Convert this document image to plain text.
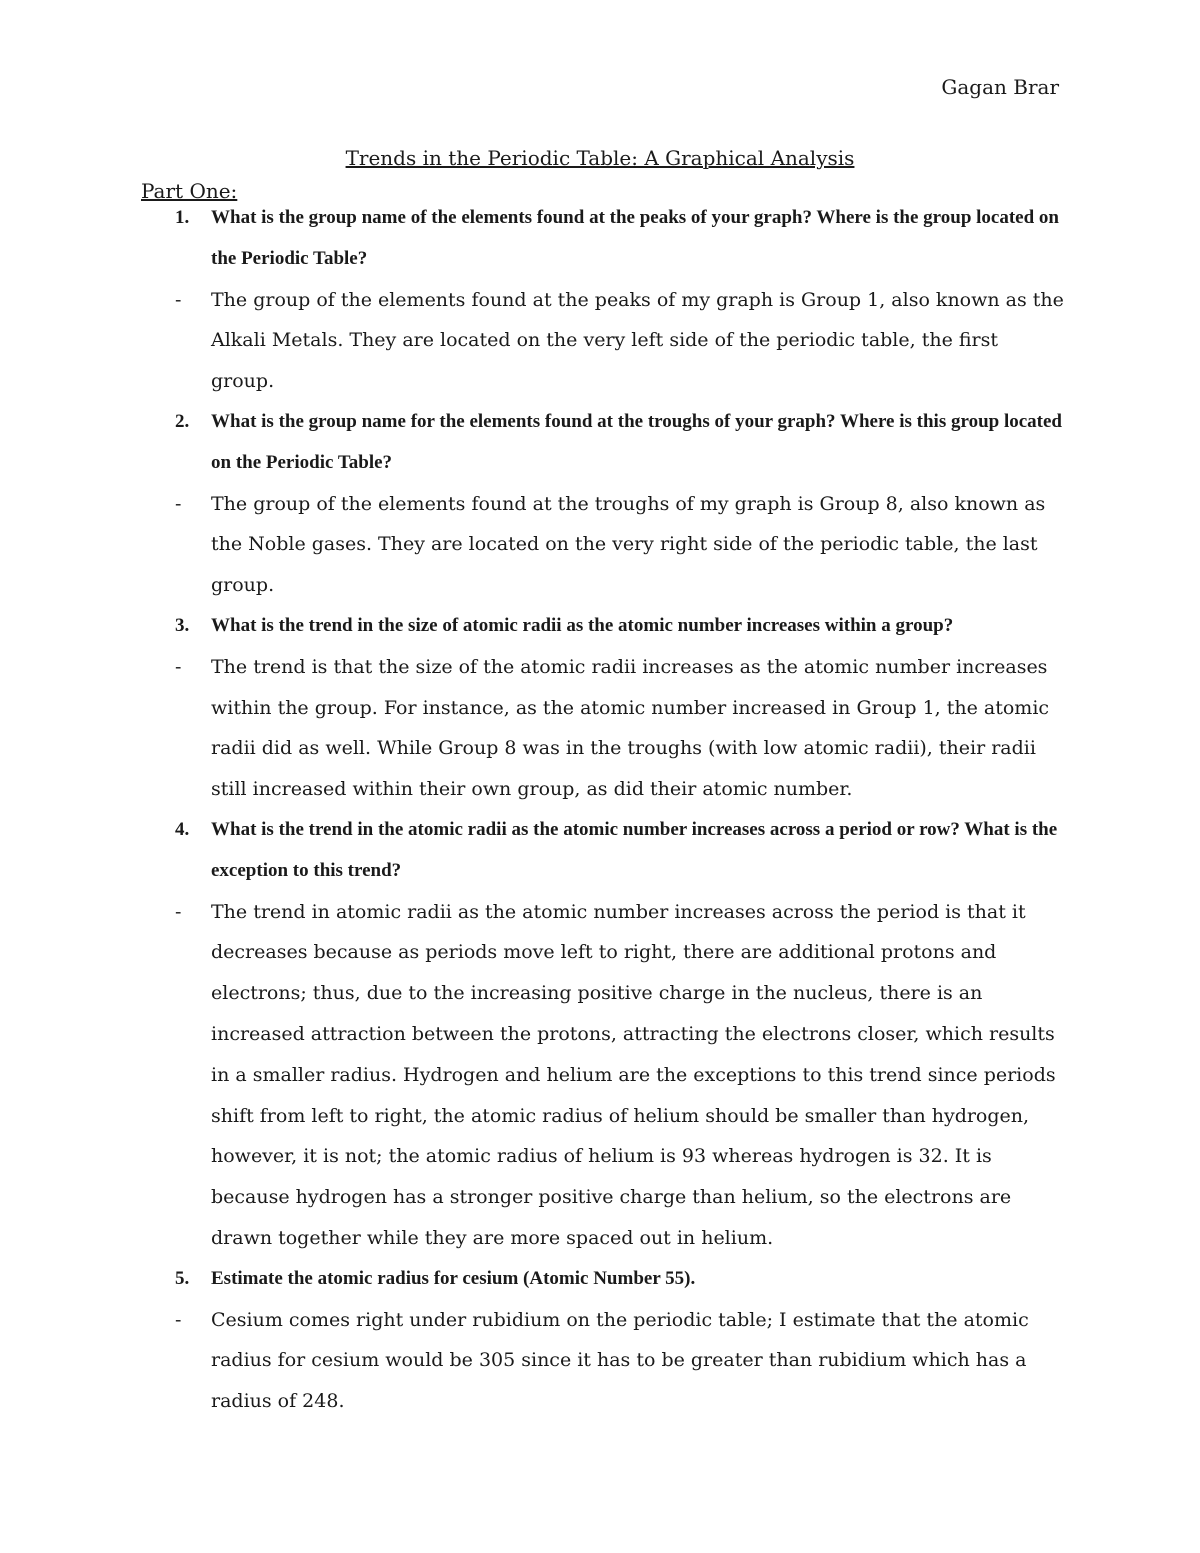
Gagan Brar
Trends in the Periodic Table: A Graphical Analysis
Part One:
1. What is the group name of the elements found at the peaks of your graph? Where is the group located on the Periodic Table?
- The group of the elements found at the peaks of my graph is Group 1, also known as the Alkali Metals. They are located on the very left side of the periodic table, the first group.
2. What is the group name for the elements found at the troughs of your graph? Where is this group located on the Periodic Table?
- The group of the elements found at the troughs of my graph is Group 8, also known as the Noble gases. They are located on the very right side of the periodic table, the last group.
3. What is the trend in the size of atomic radii as the atomic number increases within a group?
- The trend is that the size of the atomic radii increases as the atomic number increases within the group. For instance, as the atomic number increased in Group 1, the atomic radii did as well. While Group 8 was in the troughs (with low atomic radii), their radii still increased within their own group, as did their atomic number.
4. What is the trend in the atomic radii as the atomic number increases across a period or row? What is the exception to this trend?
- The trend in atomic radii as the atomic number increases across the period is that it decreases because as periods move left to right, there are additional protons and electrons; thus, due to the increasing positive charge in the nucleus, there is an increased attraction between the protons, attracting the electrons closer, which results in a smaller radius. Hydrogen and helium are the exceptions to this trend since periods shift from left to right, the atomic radius of helium should be smaller than hydrogen, however, it is not; the atomic radius of helium is 93 whereas hydrogen is 32. It is because hydrogen has a stronger positive charge than helium, so the electrons are drawn together while they are more spaced out in helium.
5. Estimate the atomic radius for cesium (Atomic Number 55).
- Cesium comes right under rubidium on the periodic table; I estimate that the atomic radius for cesium would be 305 since it has to be greater than rubidium which has a radius of 248.
